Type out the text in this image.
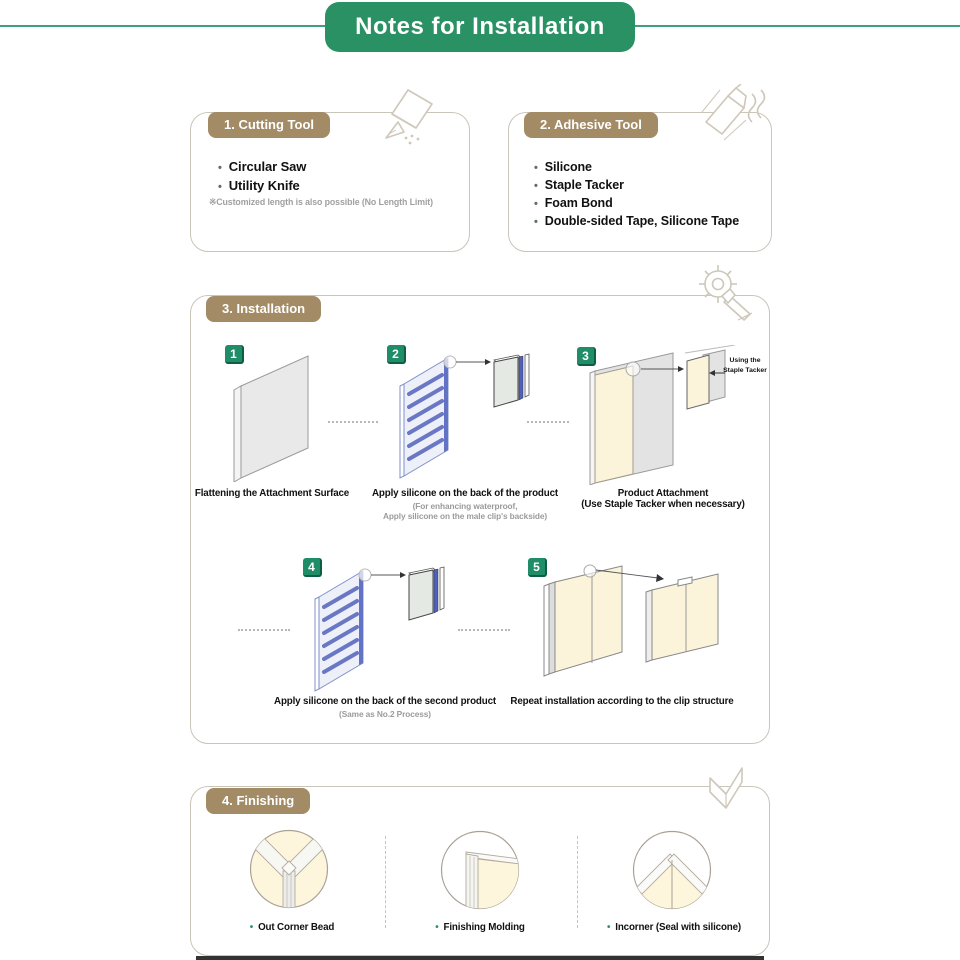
Notes for Installation
1. Cutting Tool
• Circular Saw
• Utility Knife
※Customized length is also possible (No Length Limit)
2. Adhesive Tool
• Silicone
• Staple Tacker
• Foam Bond
• Double-sided Tape, Silicone Tape
3. Installation
1	2	3	Using the
Staple Tacker
Flattening the Attachment Surface Apply silicone on the back of the product
(For enhancing waterproof,
Apply silicone on the male clip's backside)
Product Attachment
(Use Staple Tacker when necessary)
4	5
Apply silicone on the back of the second product
(Same as No.2 Process)
Repeat installation according to the clip structure
4. Finishing
• Out Corner Bead	• Finishing Molding	• Incorner (Seal with silicone)
